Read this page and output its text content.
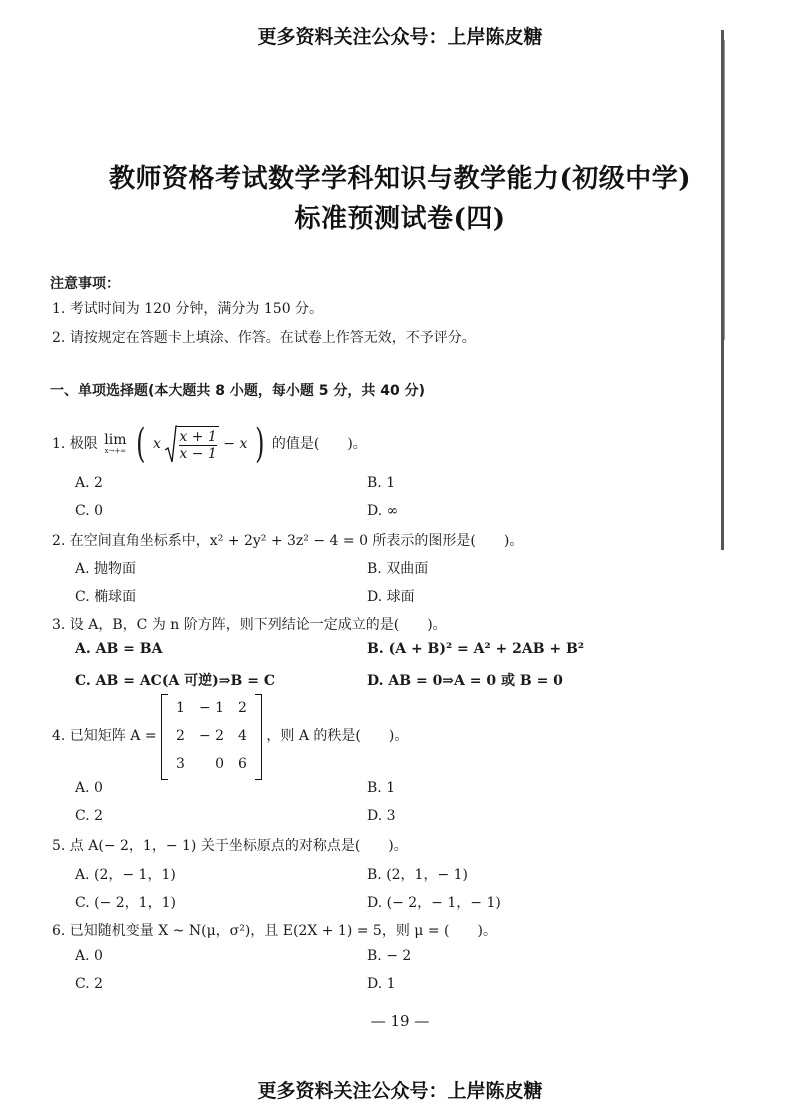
更多资料关注公众号：上岸陈皮糖
教师资格考试数学学科知识与教学能力(初级中学)
标准预测试卷(四)
注意事项：
1. 考试时间为 120 分钟，满分为 150 分。
2. 请按规定在答题卡上填涂、作答。在试卷上作答无效，不予评分。
一、单项选择题(本大题共 8 小题，每小题 5 分，共 40 分)
1. 极限 lim
x→+∞ ( x $\frac{x + 1}{x - 1} - x$ ) 的值是(　　)。
A. 2	B. 1
C. 0	D. ∞
2. 在空间直角坐标系中，x² + 2y² + 3z² − 4 = 0 所表示的图形是(　　)。
A. 抛物面	B. 双曲面
C. 椭球面	D. 球面
3. 设 A，B，C 为 n 阶方阵，则下列结论一定成立的是(　　)。
A. AB = BA	B. (A + B)² = A² + 2AB + B²
C. AB = AC(A 可逆)⇒B = C	D. AB = 0⇒A = 0 或 B = 0
4. 已知矩阵 A =
1	− 1	2
2	− 2	4
3	0	6
，则 A 的秩是(　　)。
A. 0	B. 1
C. 2	D. 3
5. 点 A(− 2，1，− 1) 关于坐标原点的对称点是(　　)。
A. (2，− 1，1)	B. (2，1，− 1)
C. (− 2，1，1)	D. (− 2，− 1，− 1)
6. 已知随机变量 X ~ N(μ，σ²)，且 E(2X + 1) = 5，则 μ = (　　)。
A. 0	B. − 2
C. 2	D. 1
— 19 —
更多资料关注公众号：上岸陈皮糖
